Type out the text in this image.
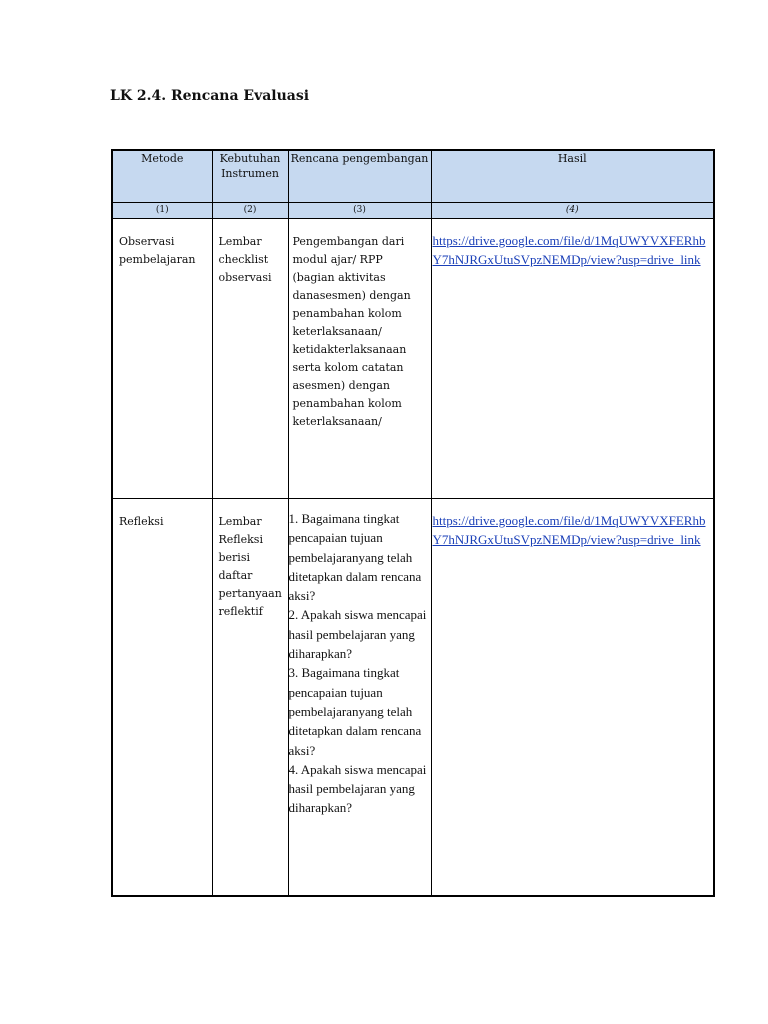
LK 2.4. Rencana Evaluasi
Metode	Kebutuhan Instrumen	Rencana pengembangan	Hasil
(1)	(2)	(3)	(4)
Observasi pembelajaran	Lembar checklist observasi	Pengembangan dari modul ajar/ RPP (bagian aktivitas danasesmen) dengan penambahan kolom keterlaksanaan/ ketidakterlaksanaan serta kolom catatan asesmen) dengan penambahan kolom keterlaksanaan/	https://drive.google.com/file/d/1MqUWYVXFERhbY7hNJRGxUtuSVpzNEMDp/view?usp=drive_link
Refleksi	Lembar Refleksi berisi daftar pertanyaan reflektif	1. Bagaimana tingkat pencapaian tujuan pembelajaranyang telah ditetapkan dalam rencana aksi?
2. Apakah siswa mencapai hasil pembelajaran yang diharapkan?
3. Bagaimana tingkat pencapaian tujuan pembelajaranyang telah ditetapkan dalam rencana aksi?
4. Apakah siswa mencapai hasil pembelajaran yang diharapkan?	https://drive.google.com/file/d/1MqUWYVXFERhbY7hNJRGxUtuSVpzNEMDp/view?usp=drive_link
